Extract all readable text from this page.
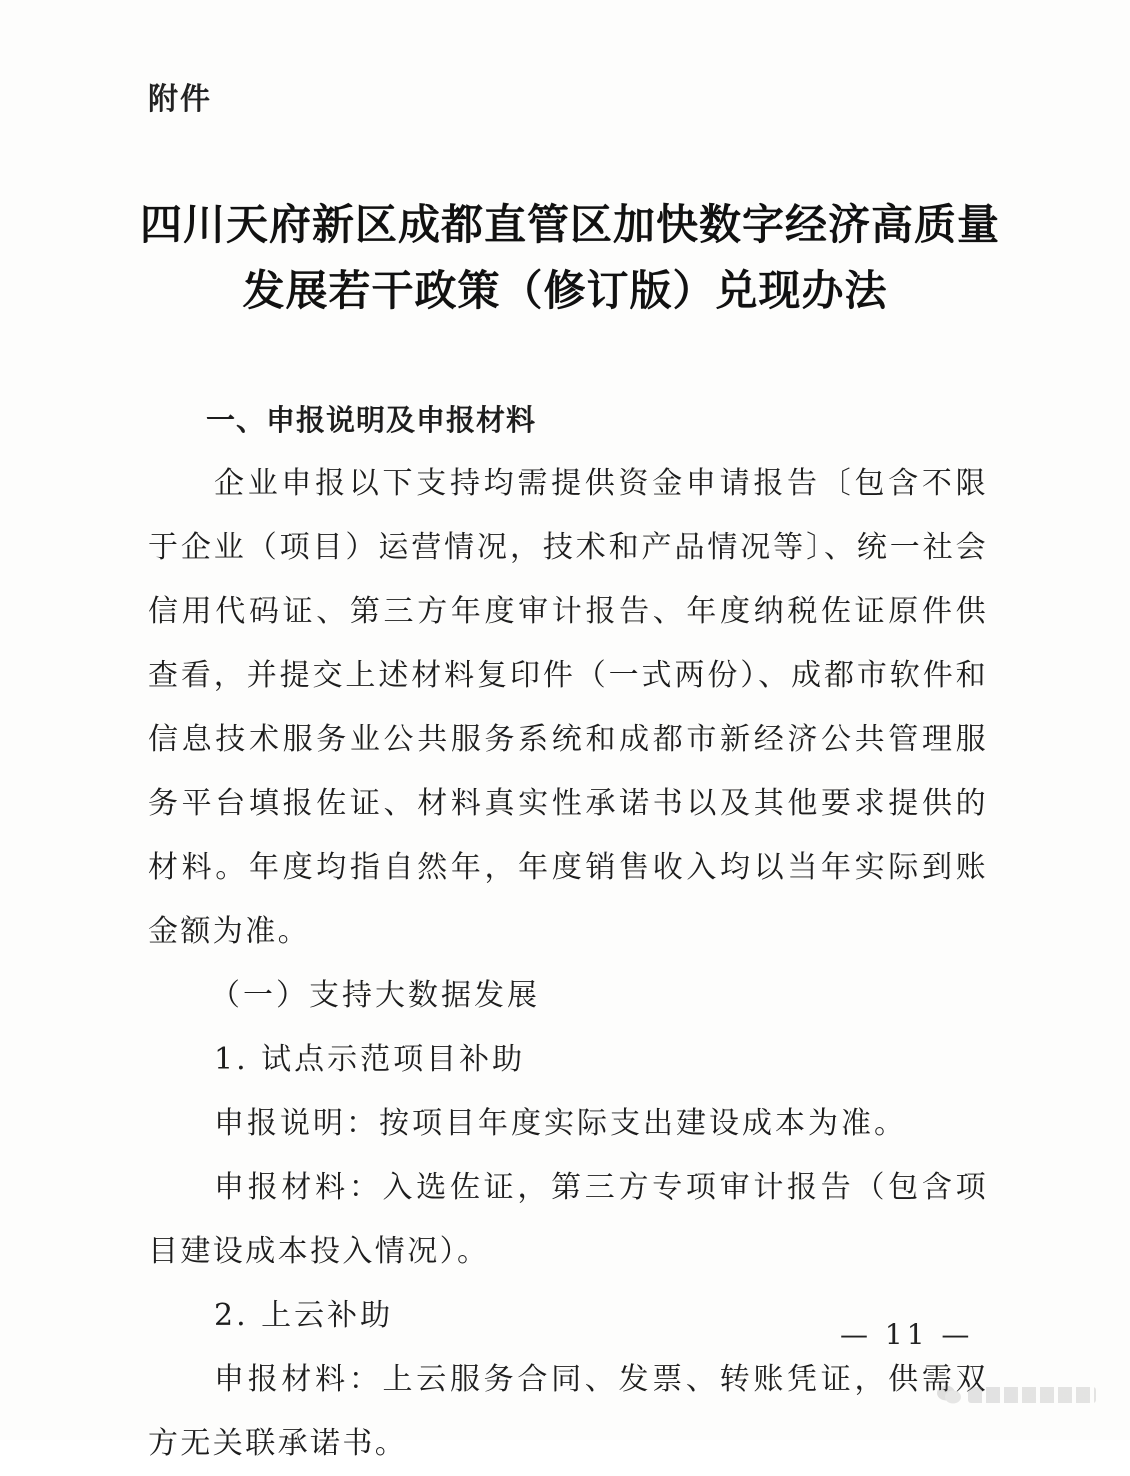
附件
四川天府新区成都直管区加快数字经济高质量
发展若干政策（修订版）兑现办法
一、申报说明及申报材料
企业申报以下支持均需提供资金申请报告〔包含不限于企业（项目）运营情况，技术和产品情况等〕、统一社会信用代码证、第三方年度审计报告、年度纳税佐证原件供查看，并提交上述材料复印件（一式两份）、成都市软件和信息技术服务业公共服务系统和成都市新经济公共管理服务平台填报佐证、材料真实性承诺书以及其他要求提供的材料。年度均指自然年，年度销售收入均以当年实际到账金额为准。
（一）支持大数据发展
1. 试点示范项目补助
申报说明：按项目年度实际支出建设成本为准。
申报材料：入选佐证，第三方专项审计报告（包含项目建设成本投入情况）。
2. 上云补助
申报材料：上云服务合同、发票、转账凭证，供需双方无关联承诺书。
— 11 —
